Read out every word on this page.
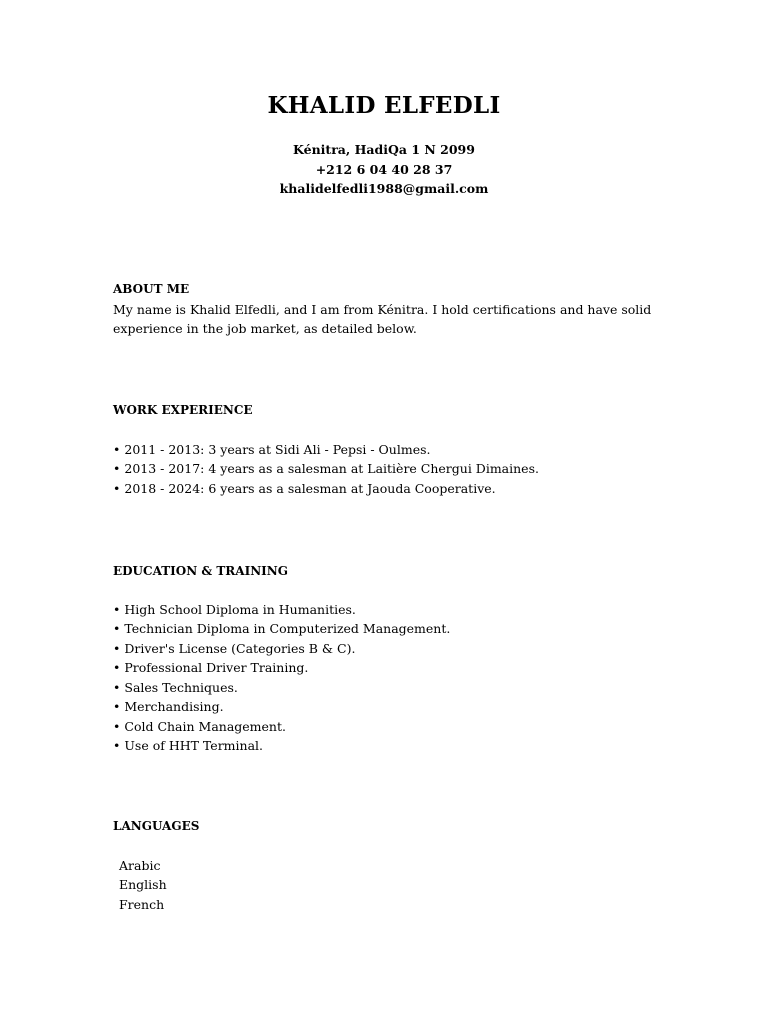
KHALID ELFEDLI
Kénitra, HadiQa 1 N 2099
+212 6 04 40 28 37
khalidelfedli1988@gmail.com

ABOUT ME

My name is Khalid Elfedli, and I am from Kénitra. I hold certifications and have solid experience in the job market, as detailed below.

WORK EXPERIENCE

• 2011 - 2013: 3 years at Sidi Ali - Pepsi - Oulmes.
• 2013 - 2017: 4 years as a salesman at Laitière Chergui Dimaines.
• 2018 - 2024: 6 years as a salesman at Jaouda Cooperative.

EDUCATION & TRAINING

• High School Diploma in Humanities.
• Technician Diploma in Computerized Management.
• Driver's License (Categories B & C).
• Professional Driver Training.
• Sales Techniques.
• Merchandising.
• Cold Chain Management.
• Use of HHT Terminal.

LANGUAGES

Arabic
English
French
